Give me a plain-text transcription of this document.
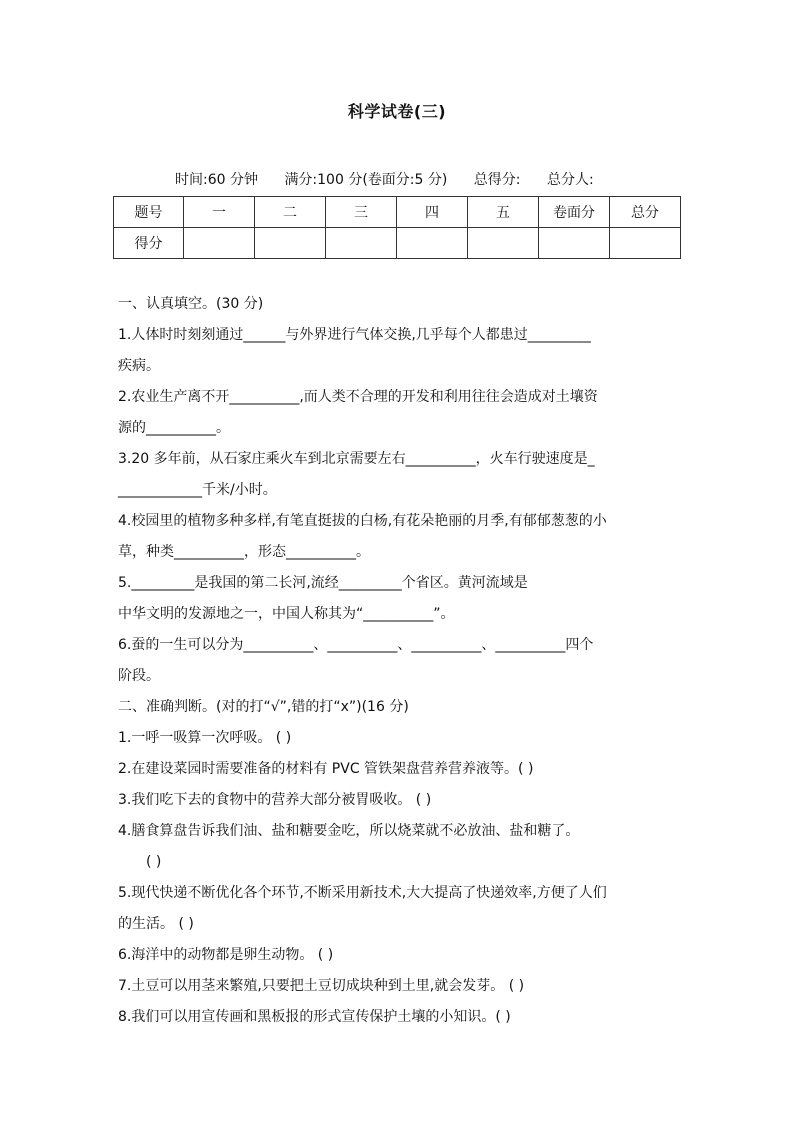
科学试卷(三)
时间:60 分钟 满分:100 分(卷面分:5 分) 总得分: 总分人:
题号	一	二	三	四	五	卷面分	总分
得分							
一、认真填空。(30 分)
1.人体时时刻刻通过______与外界进行气体交换,几乎每个人都患过_________
疾病。
2.农业生产离不开__________,而人类不合理的开发和利用往往会造成对土壤资
源的__________。
3.20 多年前，从石家庄乘火车到北京需要左右__________，火车行驶速度是_
____________千米/小时。
4.校园里的植物多种多样,有笔直挺拔的白杨,有花朵艳丽的月季,有郁郁葱葱的小
草，种类__________，形态__________。
5._________是我国的第二长河,流经_________个省区。黄河流域是
中华文明的发源地之一，中国人称其为“__________”。
6.蚕的一生可以分为__________、__________、__________、__________四个
阶段。
二、准确判断。(对的打“√”,错的打“x”)(16 分)
1.一呼一吸算一次呼吸。 ( )
2.在建设菜园时需要准备的材料有 PVC 管铁架盘营养营养液等。( )
3.我们吃下去的食物中的营养大部分被胃吸收。 ( )
4.膳食算盘告诉我们油、盐和糖要金吃，所以烧菜就不必放油、盐和糖了。
( )
5.现代快递不断优化各个环节,不断采用新技术,大大提高了快递效率,方便了人们
的生活。 ( )
6.海洋中的动物都是卵生动物。 ( )
7.土豆可以用茎来繁殖,只要把土豆切成块种到土里,就会发芽。 ( )
8.我们可以用宣传画和黑板报的形式宣传保护土壤的小知识。( )
